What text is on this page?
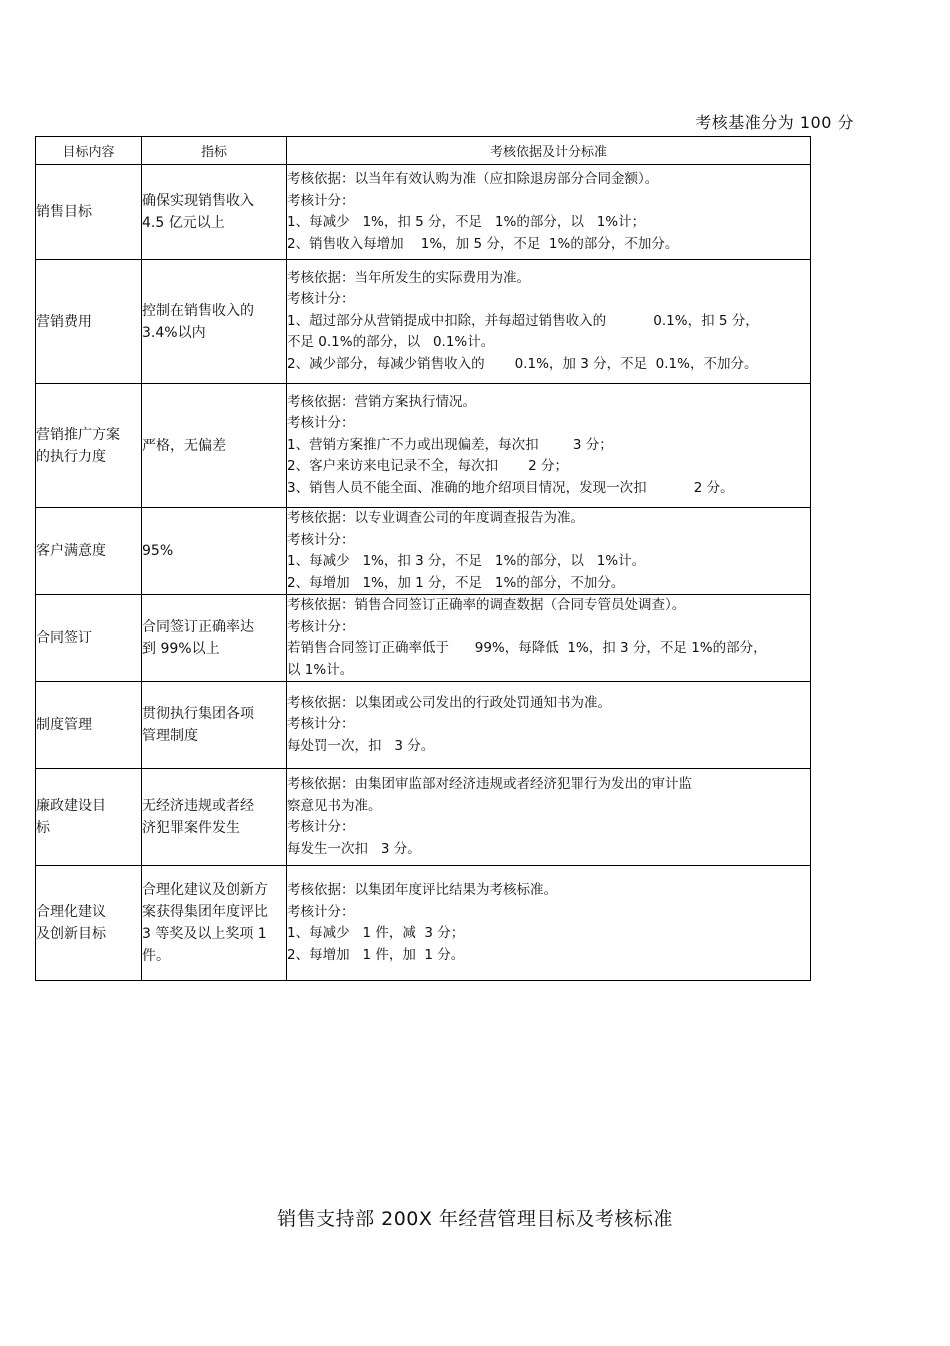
考核基准分为 100 分
目标内容	指标	考核依据及计分标准

销售目标	确保实现销售收入 4.5 亿元以上	考核依据：以当年有效认购为准（应扣除退房部分合同金额）。
考核计分：
1、每减少   1%，扣 5 分，不足   1%的部分，以   1%计；
2、销售收入每增加    1%，加 5 分，不足  1%的部分，不加分。

营销费用	控制在销售收入的 3.4%以内	考核依据：当年所发生的实际费用为准。
考核计分：
1、超过部分从营销提成中扣除，并每超过销售收入的           0.1%，扣 5 分，
不足 0.1%的部分，以   0.1%计。
2、减少部分，每减少销售收入的       0.1%，加 3 分，不足  0.1%，不加分。

营销推广方案的执行力度	严格，无偏差	考核依据：营销方案执行情况。
考核计分：
1、营销方案推广不力或出现偏差，每次扣        3 分；
2、客户来访来电记录不全，每次扣       2 分；
3、销售人员不能全面、准确的地介绍项目情况，发现一次扣           2 分。

客户满意度	95%	考核依据：以专业调查公司的年度调查报告为准。
考核计分：
1、每减少   1%，扣 3 分，不足   1%的部分，以   1%计。
2、每增加   1%，加 1 分，不足   1%的部分，不加分。

合同签订	合同签订正确率达到 99%以上	考核依据：销售合同签订正确率的调查数据（合同专管员处调查）。
考核计分：
若销售合同签订正确率低于      99%，每降低  1%，扣 3 分，不足 1%的部分，
以 1%计。

制度管理	贯彻执行集团各项管理制度	考核依据：以集团或公司发出的行政处罚通知书为准。
考核计分：
每处罚一次，扣   3 分。

廉政建设目标	无经济违规或者经济犯罪案件发生	考核依据：由集团审监部对经济违规或者经济犯罪行为发出的审计监
察意见书为准。
考核计分：
每发生一次扣   3 分。

合理化建议及创新目标	合理化建议及创新方案获得集团年度评比 3 等奖及以上奖项 1 件。	考核依据：以集团年度评比结果为考核标准。
考核计分：
1、每减少   1 件，减  3 分；
2、每增加   1 件，加  1 分。
销售支持部 200X 年经营管理目标及考核标准
